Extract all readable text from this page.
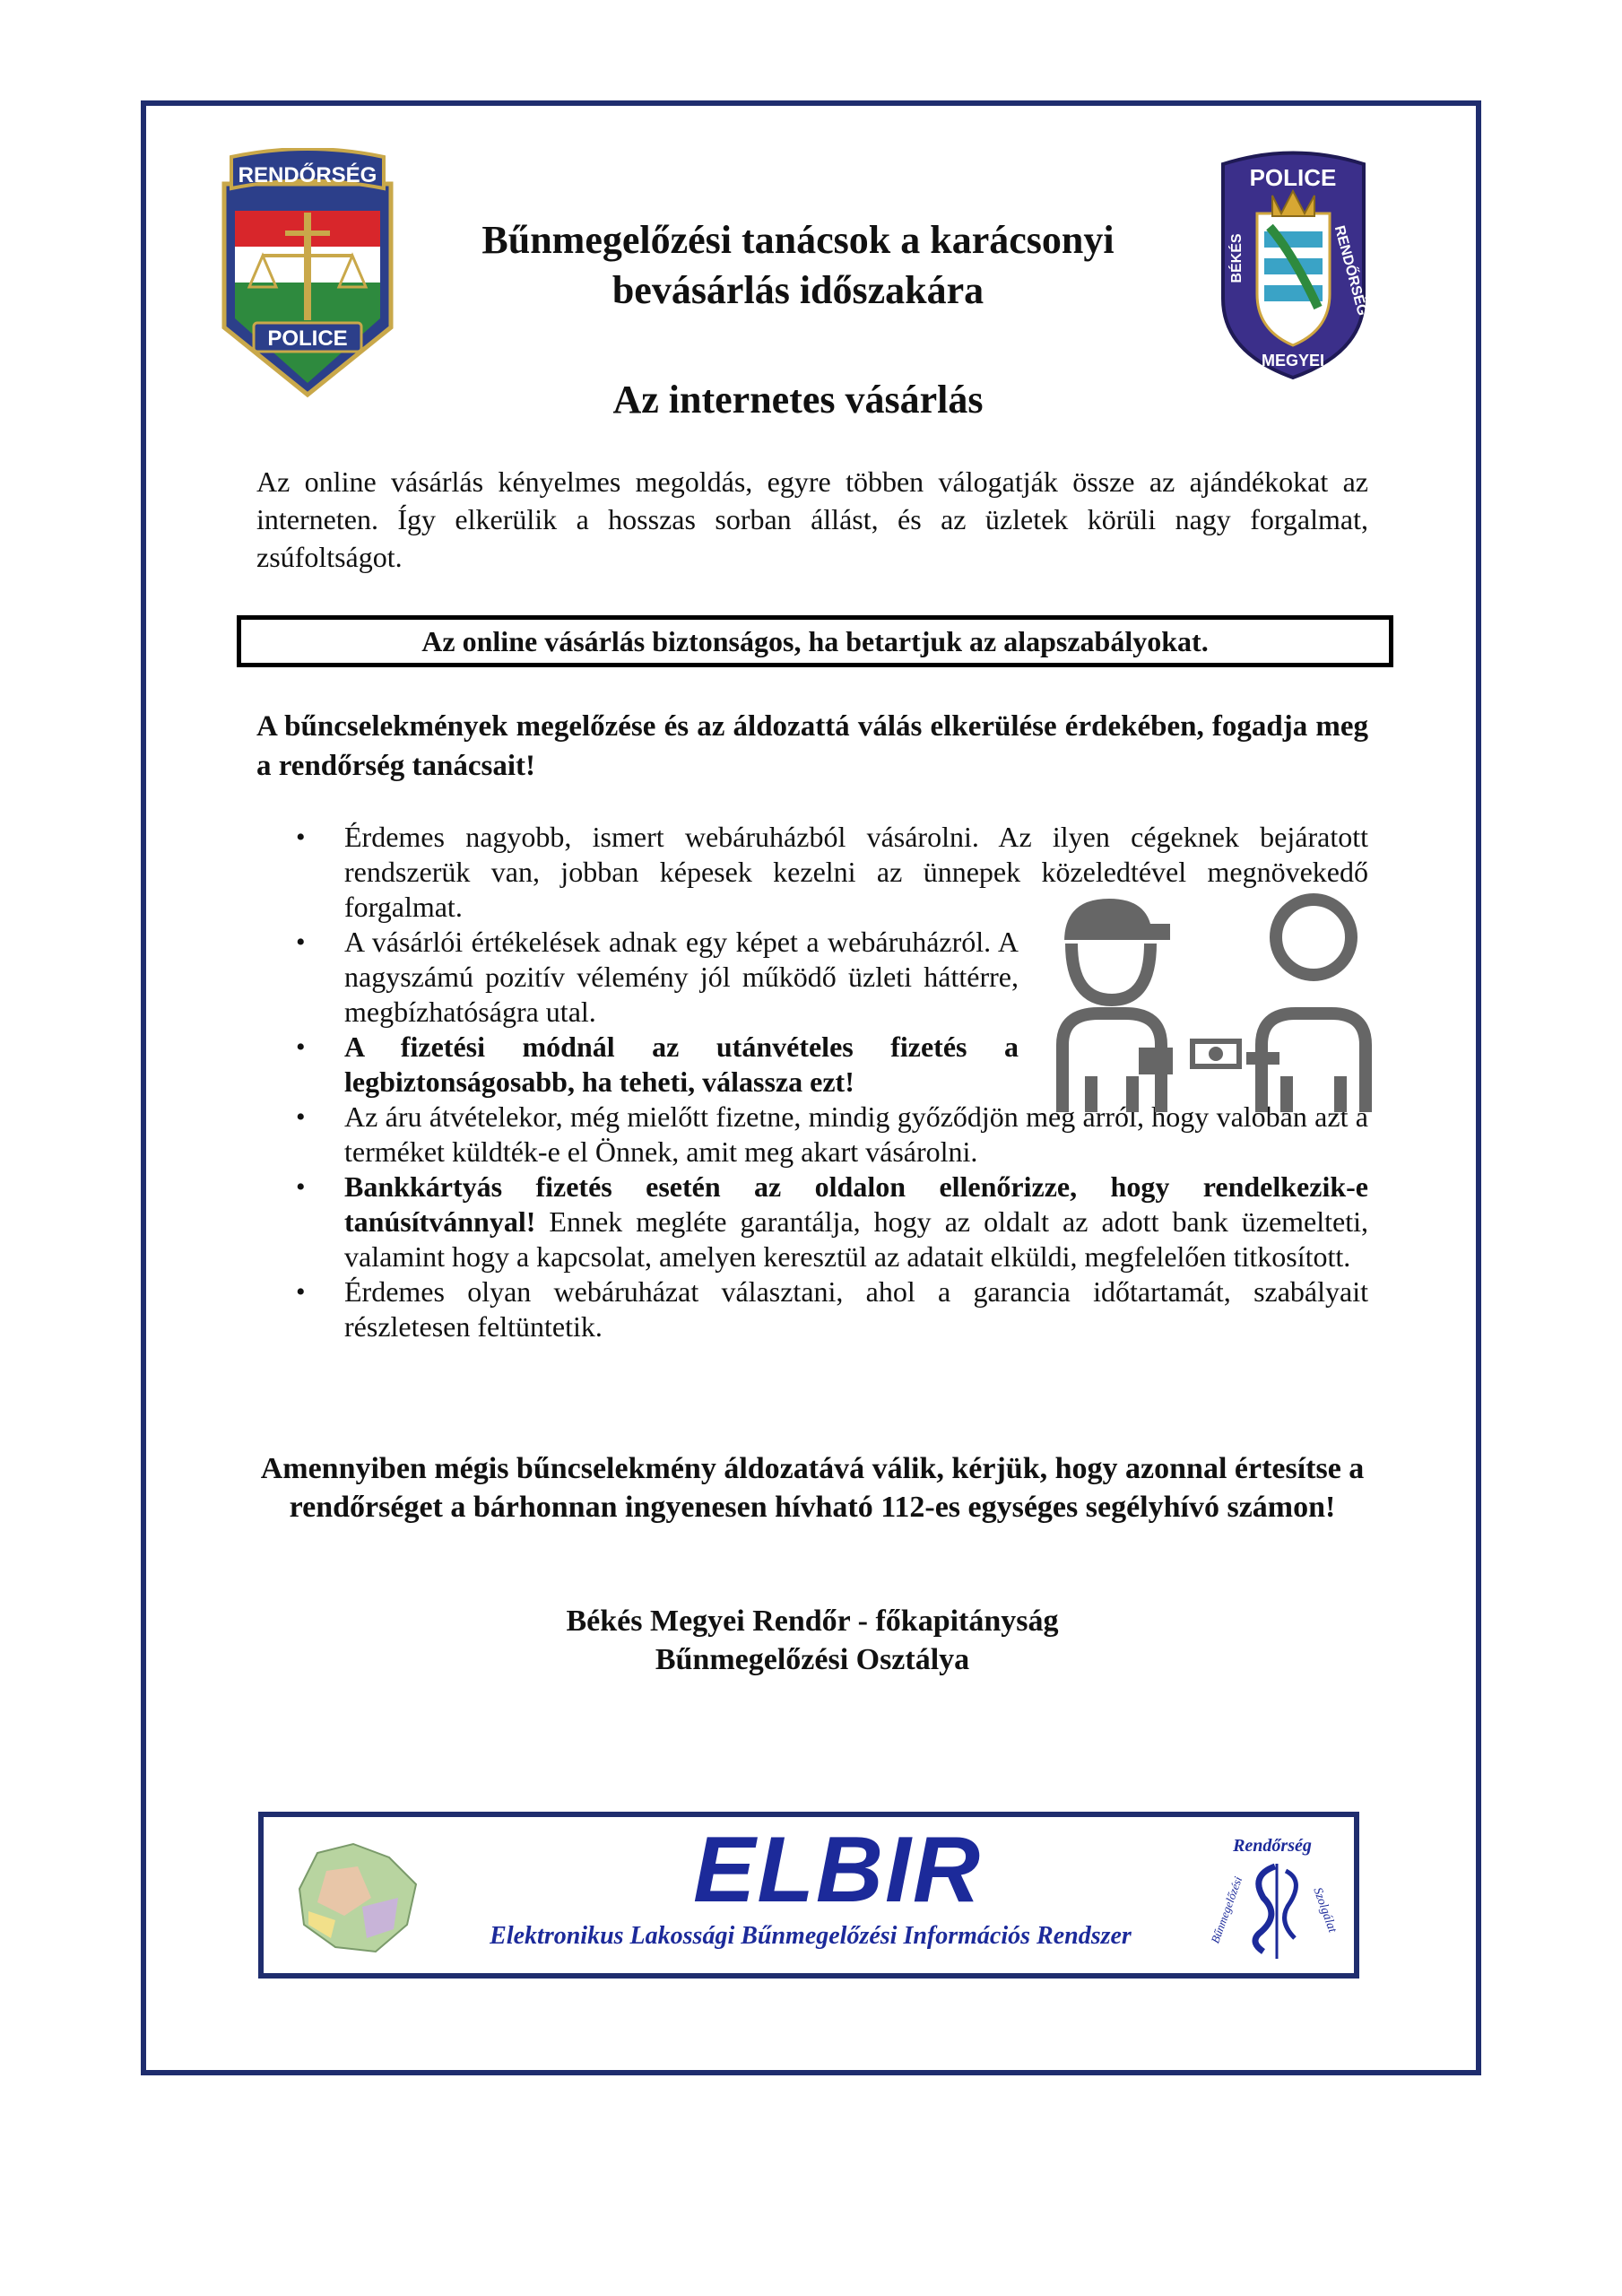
RENDŐRSÉG
POLICE
POLICE
BÉKÉS	RENDŐRSÉG
MEGYEI
Bűnmegelőzési tanácsok a karácsonyi
bevásárlás időszakára
Az internetes vásárlás
Az online vásárlás kényelmes megoldás, egyre többen válogatják össze az ajándékokat az interneten. Így elkerülik a hosszas sorban állást, és az üzletek körüli nagy forgalmat, zsúfoltságot.
Az online vásárlás biztonságos, ha betartjuk az alapszabályokat.
A bűncselekmények megelőzése és az áldozattá válás elkerülése érdekében, fogadja meg a rendőrség tanácsait!
• Érdemes nagyobb, ismert webáruházból vásárolni. Az ilyen cégeknek bejáratott rendszerük van, jobban képesek kezelni az ünnepek közeledtével megnövekedő forgalmat.
• A vásárlói értékelések adnak egy képet a webáruházról. A nagyszámú pozitív vélemény jól működő üzleti háttérre, megbízhatóságra utal.
• A fizetési módnál az utánvételes fizetés a legbiztonságosabb, ha teheti, válassza ezt!
• Az áru átvételekor, még mielőtt fizetne, mindig győződjön meg arról, hogy valóban azt a terméket küldték-e el Önnek, amit meg akart vásárolni.
• Bankkártyás fizetés esetén az oldalon ellenőrizze, hogy rendelkezik-e tanúsítvánnyal! Ennek megléte garantálja, hogy az oldalt az adott bank üzemelteti, valamint hogy a kapcsolat, amelyen keresztül az adatait elküldi, megfelelően titkosított.
• Érdemes olyan webáruházat választani, ahol a garancia időtartamát, szabályait részletesen feltüntetik.
Amennyiben mégis bűncselekmény áldozatává válik, kérjük, hogy azonnal értesítse a rendőrséget a bárhonnan ingyenesen hívható 112-es egységes segélyhívó számon!
Békés Megyei Rendőr - főkapitányság
Bűnmegelőzési Osztálya
ELBIR
Elektronikus Lakossági Bűnmegelőzési Információs Rendszer
Rendőrség
Bűnmegelőzési	Szolgálat
